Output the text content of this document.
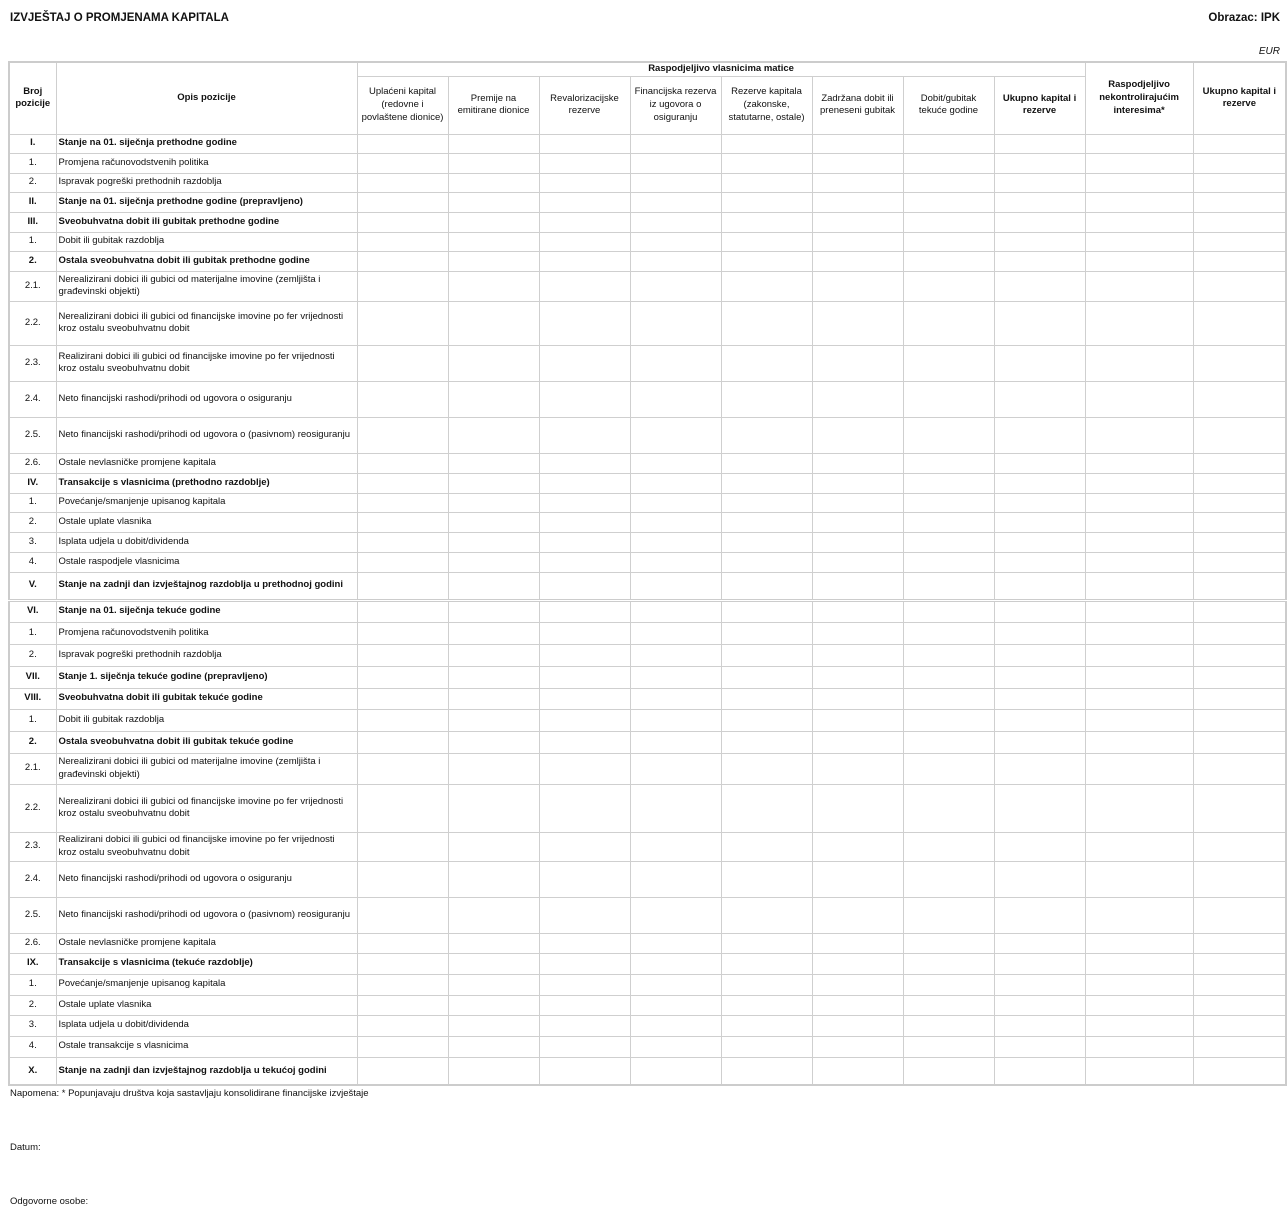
IZVJEŠTAJ O PROMJENAMA KAPITALA	Obrazac: IPK
EUR
Broj pozicije	Opis pozicije	Raspodjeljivo vlasnicima matice								Raspodjeljivo nekontrolirajućim interesima*	Ukupno kapital i rezerve
		Uplaćeni kapital (redovne i povlaštene dionice)	Premije na emitirane dionice	Revalorizacijske rezerve	Financijska rezerva iz ugovora o osiguranju	Rezerve kapitala (zakonske, statutarne, ostale)	Zadržana dobit ili preneseni gubitak	Dobit/gubitak tekuće godine	Ukupno kapital i rezerve		
I.	Stanje na 01. siječnja prethodne godine										
1.	Promjena računovodstvenih politika										
2.	Ispravak pogreški prethodnih razdoblja										
II.	Stanje na 01. siječnja prethodne godine (prepravljeno)										
III.	Sveobuhvatna dobit ili gubitak prethodne godine										
1.	Dobit ili gubitak razdoblja										
2.	Ostala sveobuhvatna dobit ili gubitak prethodne godine										
2.1.	Nerealizirani dobici ili gubici od materijalne imovine (zemljišta i građevinski objekti)										
2.2.	Nerealizirani dobici ili gubici od financijske imovine po fer vrijednosti kroz ostalu sveobuhvatnu dobit										
2.3.	Realizirani dobici ili gubici od financijske imovine po fer vrijednosti kroz ostalu sveobuhvatnu dobit										
2.4.	Neto financijski rashodi/prihodi od ugovora o osiguranju										
2.5.	Neto financijski rashodi/prihodi od ugovora o (pasivnom) reosiguranju										
2.6.	Ostale nevlasničke promjene kapitala										
IV.	Transakcije s vlasnicima (prethodno razdoblje)										
1.	Povećanje/smanjenje upisanog kapitala										
2.	Ostale uplate vlasnika										
3.	Isplata udjela u dobit/dividenda										
4.	Ostale raspodjele vlasnicima										
V.	Stanje na zadnji dan izvještajnog razdoblja u prethodnoj godini										
VI.	Stanje na 01. siječnja tekuće godine										
1.	Promjena računovodstvenih politika										
2.	Ispravak pogreški prethodnih razdoblja										
VII.	Stanje 1. siječnja tekuće godine (prepravljeno)										
VIII.	Sveobuhvatna dobit ili gubitak tekuće godine										
1.	Dobit ili gubitak razdoblja										
2.	Ostala sveobuhvatna dobit ili gubitak tekuće godine										
2.1.	Nerealizirani dobici ili gubici od materijalne imovine (zemljišta i građevinski objekti)										
2.2.	Nerealizirani dobici ili gubici od financijske imovine po fer vrijednosti kroz ostalu sveobuhvatnu dobit										
2.3.	Realizirani dobici ili gubici od financijske imovine po fer vrijednosti kroz ostalu sveobuhvatnu dobit										
2.4.	Neto financijski rashodi/prihodi od ugovora o osiguranju										
2.5.	Neto financijski rashodi/prihodi od ugovora o (pasivnom) reosiguranju										
2.6.	Ostale nevlasničke promjene kapitala										
IX.	Transakcije s vlasnicima (tekuće razdoblje)										
1.	Povećanje/smanjenje upisanog kapitala										
2.	Ostale uplate vlasnika										
3.	Isplata udjela u dobit/dividenda										
4.	Ostale transakcije s vlasnicima										
X.	Stanje na zadnji dan izvještajnog razdoblja u tekućoj godini										
Napomena: * Popunjavaju društva koja sastavljaju konsolidirane financijske izvještaje
Datum:
Odgovorne osobe:
